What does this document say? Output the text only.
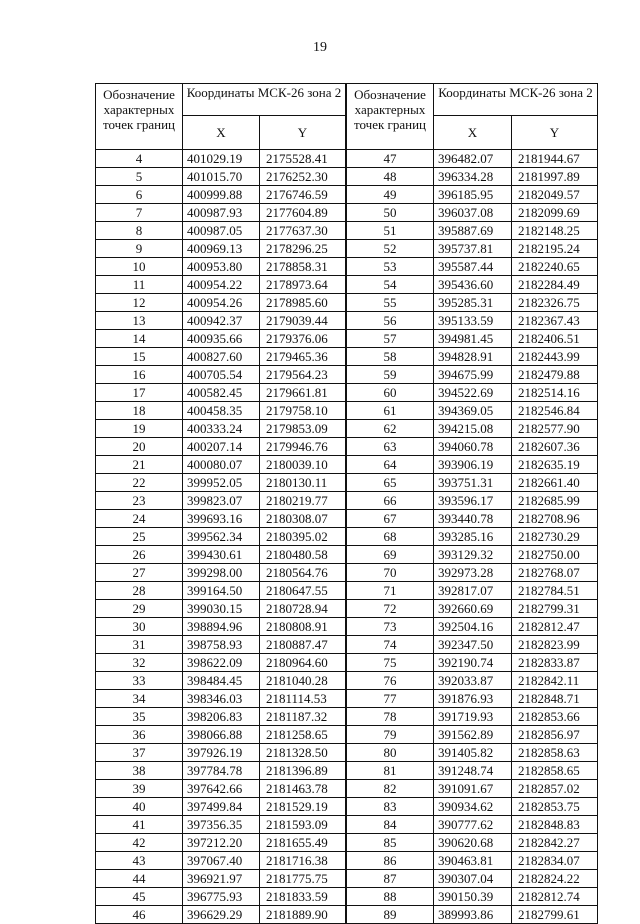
19
Обозначение характерных точек границ	Координаты МСК-26 зона 2	
	X	Y
4	401029.19	2175528.41
5	401015.70	2176252.30
6	400999.88	2176746.59
7	400987.93	2177604.89
8	400987.05	2177637.30
9	400969.13	2178296.25
10	400953.80	2178858.31
11	400954.22	2178973.64
12	400954.26	2178985.60
13	400942.37	2179039.44
14	400935.66	2179376.06
15	400827.60	2179465.36
16	400705.54	2179564.23
17	400582.45	2179661.81
18	400458.35	2179758.10
19	400333.24	2179853.09
20	400207.14	2179946.76
21	400080.07	2180039.10
22	399952.05	2180130.11
23	399823.07	2180219.77
24	399693.16	2180308.07
25	399562.34	2180395.02
26	399430.61	2180480.58
27	399298.00	2180564.76
28	399164.50	2180647.55
29	399030.15	2180728.94
30	398894.96	2180808.91
31	398758.93	2180887.47
32	398622.09	2180964.60
33	398484.45	2181040.28
34	398346.03	2181114.53
35	398206.83	2181187.32
36	398066.88	2181258.65
37	397926.19	2181328.50
38	397784.78	2181396.89
39	397642.66	2181463.78
40	397499.84	2181529.19
41	397356.35	2181593.09
42	397212.20	2181655.49
43	397067.40	2181716.38
44	396921.97	2181775.75
45	396775.93	2181833.59
46	396629.29	2181889.90
Обозначение характерных точек границ	Координаты МСК-26 зона 2	
	X	Y
47	396482.07	2181944.67
48	396334.28	2181997.89
49	396185.95	2182049.57
50	396037.08	2182099.69
51	395887.69	2182148.25
52	395737.81	2182195.24
53	395587.44	2182240.65
54	395436.60	2182284.49
55	395285.31	2182326.75
56	395133.59	2182367.43
57	394981.45	2182406.51
58	394828.91	2182443.99
59	394675.99	2182479.88
60	394522.69	2182514.16
61	394369.05	2182546.84
62	394215.08	2182577.90
63	394060.78	2182607.36
64	393906.19	2182635.19
65	393751.31	2182661.40
66	393596.17	2182685.99
67	393440.78	2182708.96
68	393285.16	2182730.29
69	393129.32	2182750.00
70	392973.28	2182768.07
71	392817.07	2182784.51
72	392660.69	2182799.31
73	392504.16	2182812.47
74	392347.50	2182823.99
75	392190.74	2182833.87
76	392033.87	2182842.11
77	391876.93	2182848.71
78	391719.93	2182853.66
79	391562.89	2182856.97
80	391405.82	2182858.63
81	391248.74	2182858.65
82	391091.67	2182857.02
83	390934.62	2182853.75
84	390777.62	2182848.83
85	390620.68	2182842.27
86	390463.81	2182834.07
87	390307.04	2182824.22
88	390150.39	2182812.74
89	389993.86	2182799.61
